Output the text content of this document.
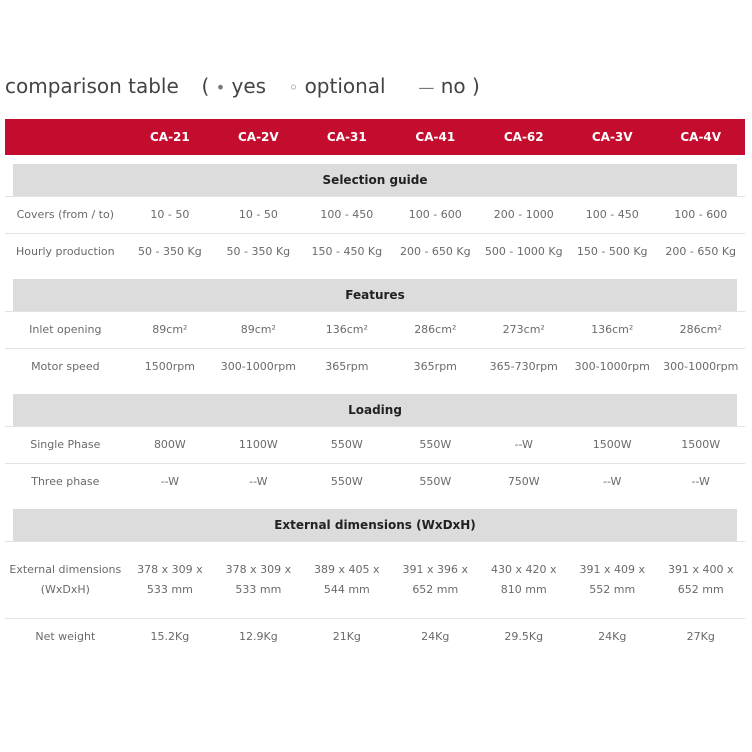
comparison table ( • yes ◦ optional — no )
	CA-21	CA-2V	CA-31	CA-41	CA-62	CA-3V	CA-4V

Selection guide							

Covers (from / to)	10 - 50	10 - 50	100 - 450	100 - 600	200 - 1000	100 - 450	100 - 600
Hourly production	50 - 350 Kg	50 - 350 Kg	150 - 450 Kg	200 - 650 Kg	500 - 1000 Kg	150 - 500 Kg	200 - 650 Kg

Features							

Inlet opening	89cm²	89cm²	136cm²	286cm²	273cm²	136cm²	286cm²
Motor speed	1500rpm	300-1000rpm	365rpm	365rpm	365-730rpm	300-1000rpm	300-1000rpm

Loading							

Single Phase	800W	1100W	550W	550W	--W	1500W	1500W
Three phase	--W	--W	550W	550W	750W	--W	--W

External dimensions (WxDxH)							

External dimensions (WxDxH)	378 x 309 x 533 mm	378 x 309 x 533 mm	389 x 405 x 544 mm	391 x 396 x 652 mm	430 x 420 x 810 mm	391 x 409 x 552 mm	391 x 400 x 652 mm
Net weight	15.2Kg	12.9Kg	21Kg	24Kg	29.5Kg	24Kg	27Kg
